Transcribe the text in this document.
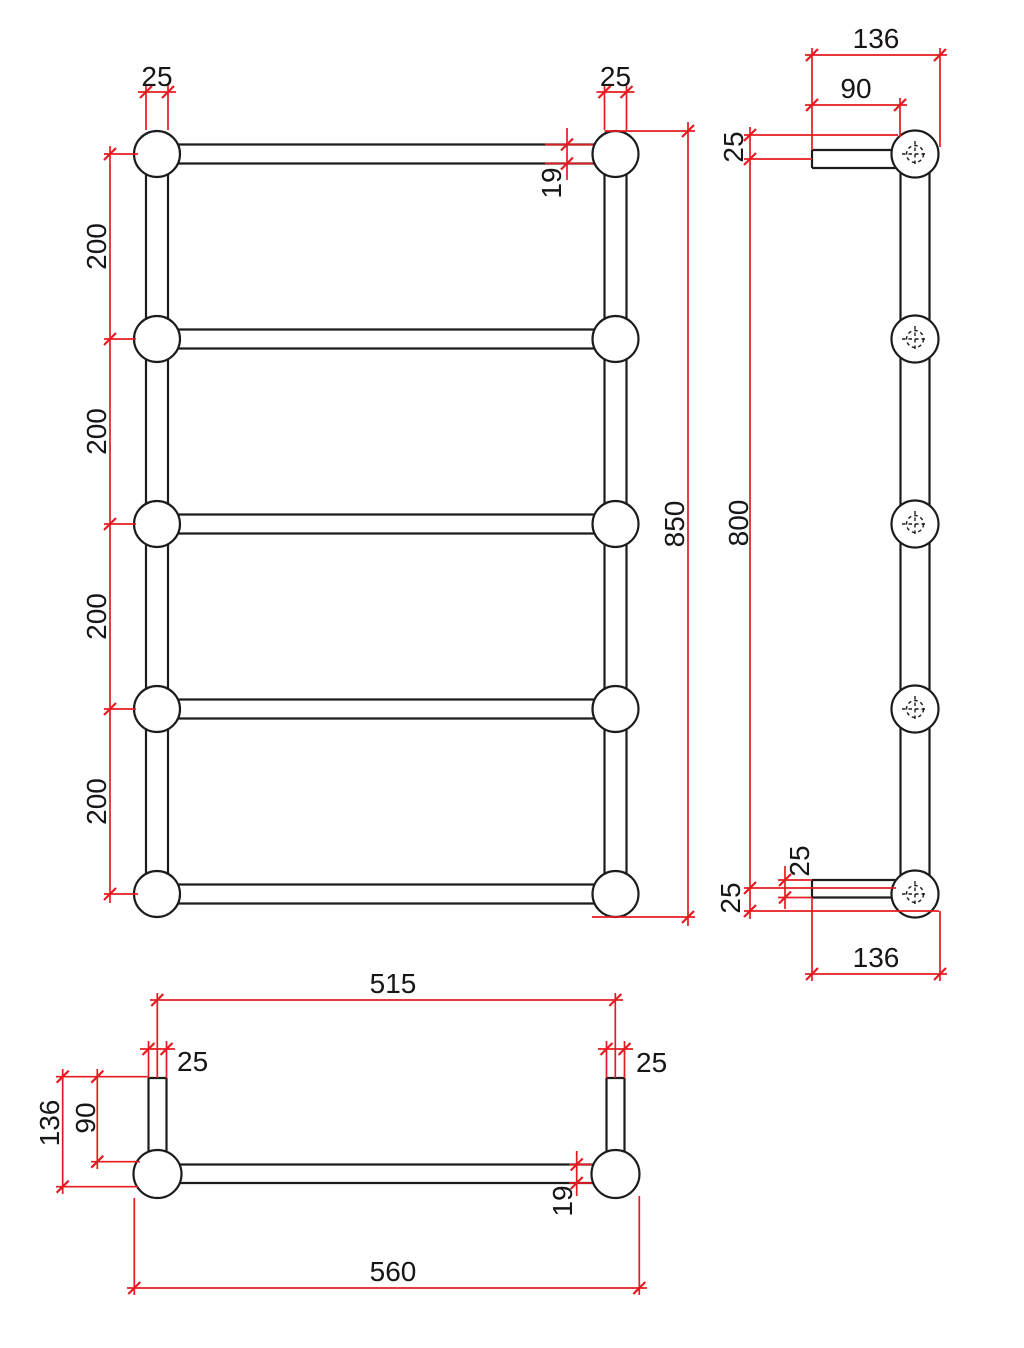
25	25
19
200
200
200
200
850
136
90
25
800
25
25
136
515
25	25
136 90
19
560
